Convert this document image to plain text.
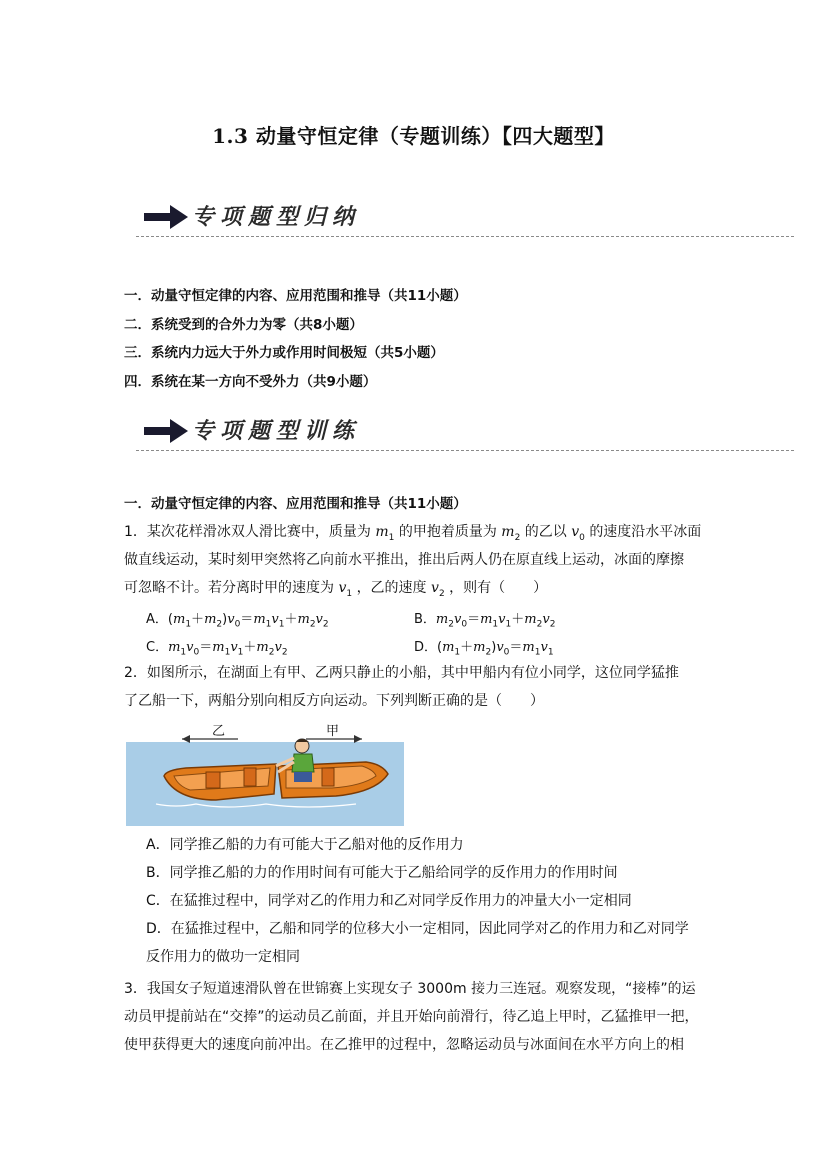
1.3 动量守恒定律（专题训练）【四大题型】
专项题型归纳
一．动量守恒定律的内容、应用范围和推导（共11小题）
二．系统受到的合外力为零（共8小题）
三．系统内力远大于外力或作用时间极短（共5小题）
四．系统在某一方向不受外力（共9小题）
专项题型训练
一．动量守恒定律的内容、应用范围和推导（共11小题）
1．某次花样滑冰双人滑比赛中，质量为 $m_1$ 的甲抱着质量为 $m_2$ 的乙以 $v_0$ 的速度沿水平冰面
做直线运动，某时刻甲突然将乙向前水平推出，推出后两人仍在原直线上运动，冰面的摩擦
可忽略不计。若分离时甲的速度为 $v_1$ ，乙的速度 $v_2$ ，则有（　　）
A．$(m_1+m_2)v_0=m_1v_1+m_2v_2$	B．$m_2v_0=m_1v_1+m_2v_2$
C．$m_1v_0=m_1v_1+m_2v_2$	D．$(m_1+m_2)v_0=m_1v_1$
2．如图所示，在湖面上有甲、乙两只静止的小船，其中甲船内有位小同学，这位同学猛推
了乙船一下，两船分别向相反方向运动。下列判断正确的是（　　）
乙	甲
A．同学推乙船的力有可能大于乙船对他的反作用力
B．同学推乙船的力的作用时间有可能大于乙船给同学的反作用力的作用时间
C．在猛推过程中，同学对乙的作用力和乙对同学反作用力的冲量大小一定相同
D．在猛推过程中，乙船和同学的位移大小一定相同，因此同学对乙的作用力和乙对同学
反作用力的做功一定相同
3．我国女子短道速滑队曾在世锦赛上实现女子 3000m 接力三连冠。观察发现，“接棒”的运
动员甲提前站在“交捧”的运动员乙前面，并且开始向前滑行，待乙追上甲时，乙猛推甲一把，
使甲获得更大的速度向前冲出。在乙推甲的过程中，忽略运动员与冰面间在水平方向上的相
